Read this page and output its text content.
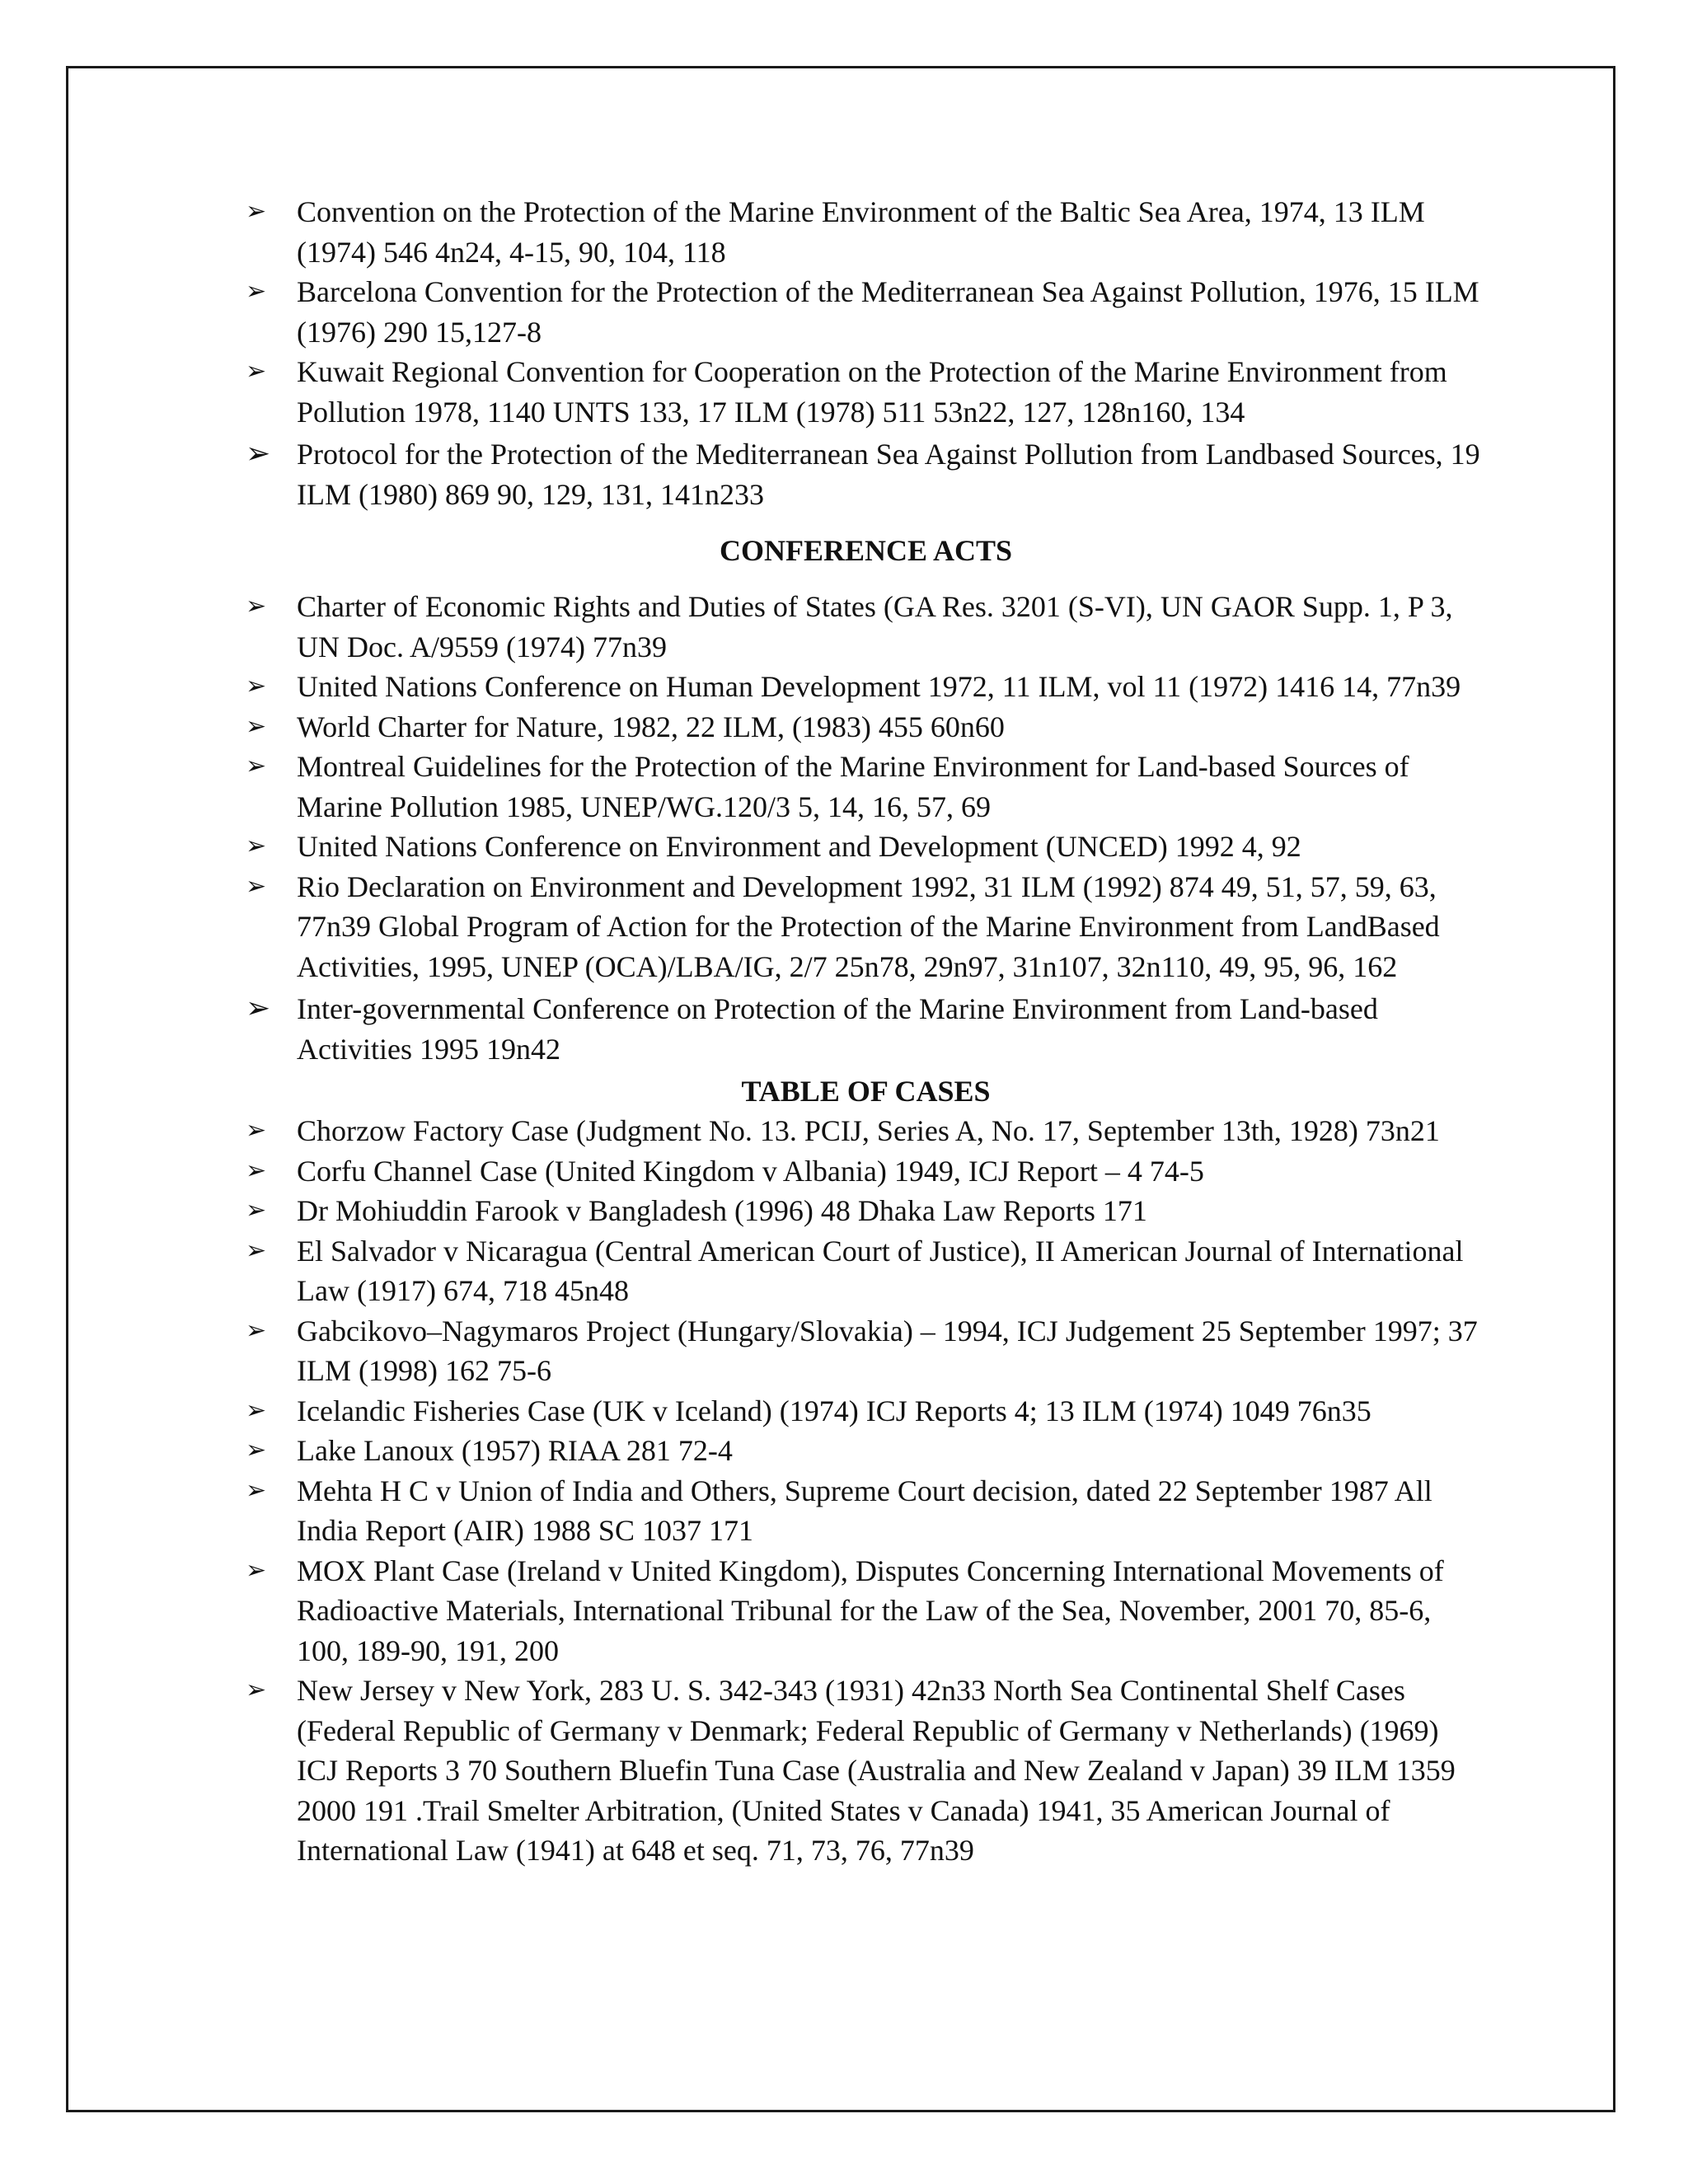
➢ Convention on the Protection of the Marine Environment of the Baltic Sea Area, 1974, 13 ILM (1974) 546 4n24, 4-15, 90, 104, 118
➢ Barcelona Convention for the Protection of the Mediterranean Sea Against Pollution, 1976, 15 ILM (1976) 290 15,127-8
➢ Kuwait Regional Convention for Cooperation on the Protection of the Marine Environment from Pollution 1978, 1140 UNTS 133, 17 ILM (1978) 511 53n22, 127, 128n160, 134
➢ Protocol for the Protection of the Mediterranean Sea Against Pollution from Landbased Sources, 19 ILM (1980) 869 90, 129, 131, 141n233
CONFERENCE ACTS
➢ Charter of Economic Rights and Duties of States (GA Res. 3201 (S-VI), UN GAOR Supp. 1, P 3, UN Doc. A/9559 (1974) 77n39
➢ United Nations Conference on Human Development 1972, 11 ILM, vol 11 (1972) 1416 14, 77n39
➢ World Charter for Nature, 1982, 22 ILM, (1983) 455 60n60
➢ Montreal Guidelines for the Protection of the Marine Environment for Land-based Sources of Marine Pollution 1985, UNEP/WG.120/3 5, 14, 16, 57, 69
➢ United Nations Conference on Environment and Development (UNCED) 1992 4, 92
➢ Rio Declaration on Environment and Development 1992, 31 ILM (1992) 874 49, 51, 57, 59, 63, 77n39 Global Program of Action for the Protection of the Marine Environment from LandBased Activities, 1995, UNEP (OCA)/LBA/IG, 2/7 25n78, 29n97, 31n107, 32n110, 49, 95, 96, 162
➢ Inter-governmental Conference on Protection of the Marine Environment from Land-based Activities 1995 19n42
TABLE OF CASES
➢ Chorzow Factory Case (Judgment No. 13. PCIJ, Series A, No. 17, September 13th, 1928) 73n21
➢ Corfu Channel Case (United Kingdom v Albania) 1949, ICJ Report – 4 74-5
➢ Dr Mohiuddin Farook v Bangladesh (1996) 48 Dhaka Law Reports 171
➢ El Salvador v Nicaragua (Central American Court of Justice), II American Journal of International Law (1917) 674, 718 45n48
➢ Gabcikovo–Nagymaros Project (Hungary/Slovakia) – 1994, ICJ Judgement 25 September 1997; 37 ILM (1998) 162 75-6
➢ Icelandic Fisheries Case (UK v Iceland) (1974) ICJ Reports 4; 13 ILM (1974) 1049 76n35
➢ Lake Lanoux (1957) RIAA 281 72-4
➢ Mehta H C v Union of India and Others, Supreme Court decision, dated 22 September 1987 All India Report (AIR) 1988 SC 1037 171
➢ MOX Plant Case (Ireland v United Kingdom), Disputes Concerning International Movements of Radioactive Materials, International Tribunal for the Law of the Sea, November, 2001 70, 85-6, 100, 189-90, 191, 200
➢ New Jersey v New York, 283 U. S. 342-343 (1931) 42n33 North Sea Continental Shelf Cases (Federal Republic of Germany v Denmark; Federal Republic of Germany v Netherlands) (1969) ICJ Reports 3 70 Southern Bluefin Tuna Case (Australia and New Zealand v Japan) 39 ILM 1359 2000 191 .Trail Smelter Arbitration, (United States v Canada) 1941, 35 American Journal of International Law (1941) at 648 et seq. 71, 73, 76, 77n39
